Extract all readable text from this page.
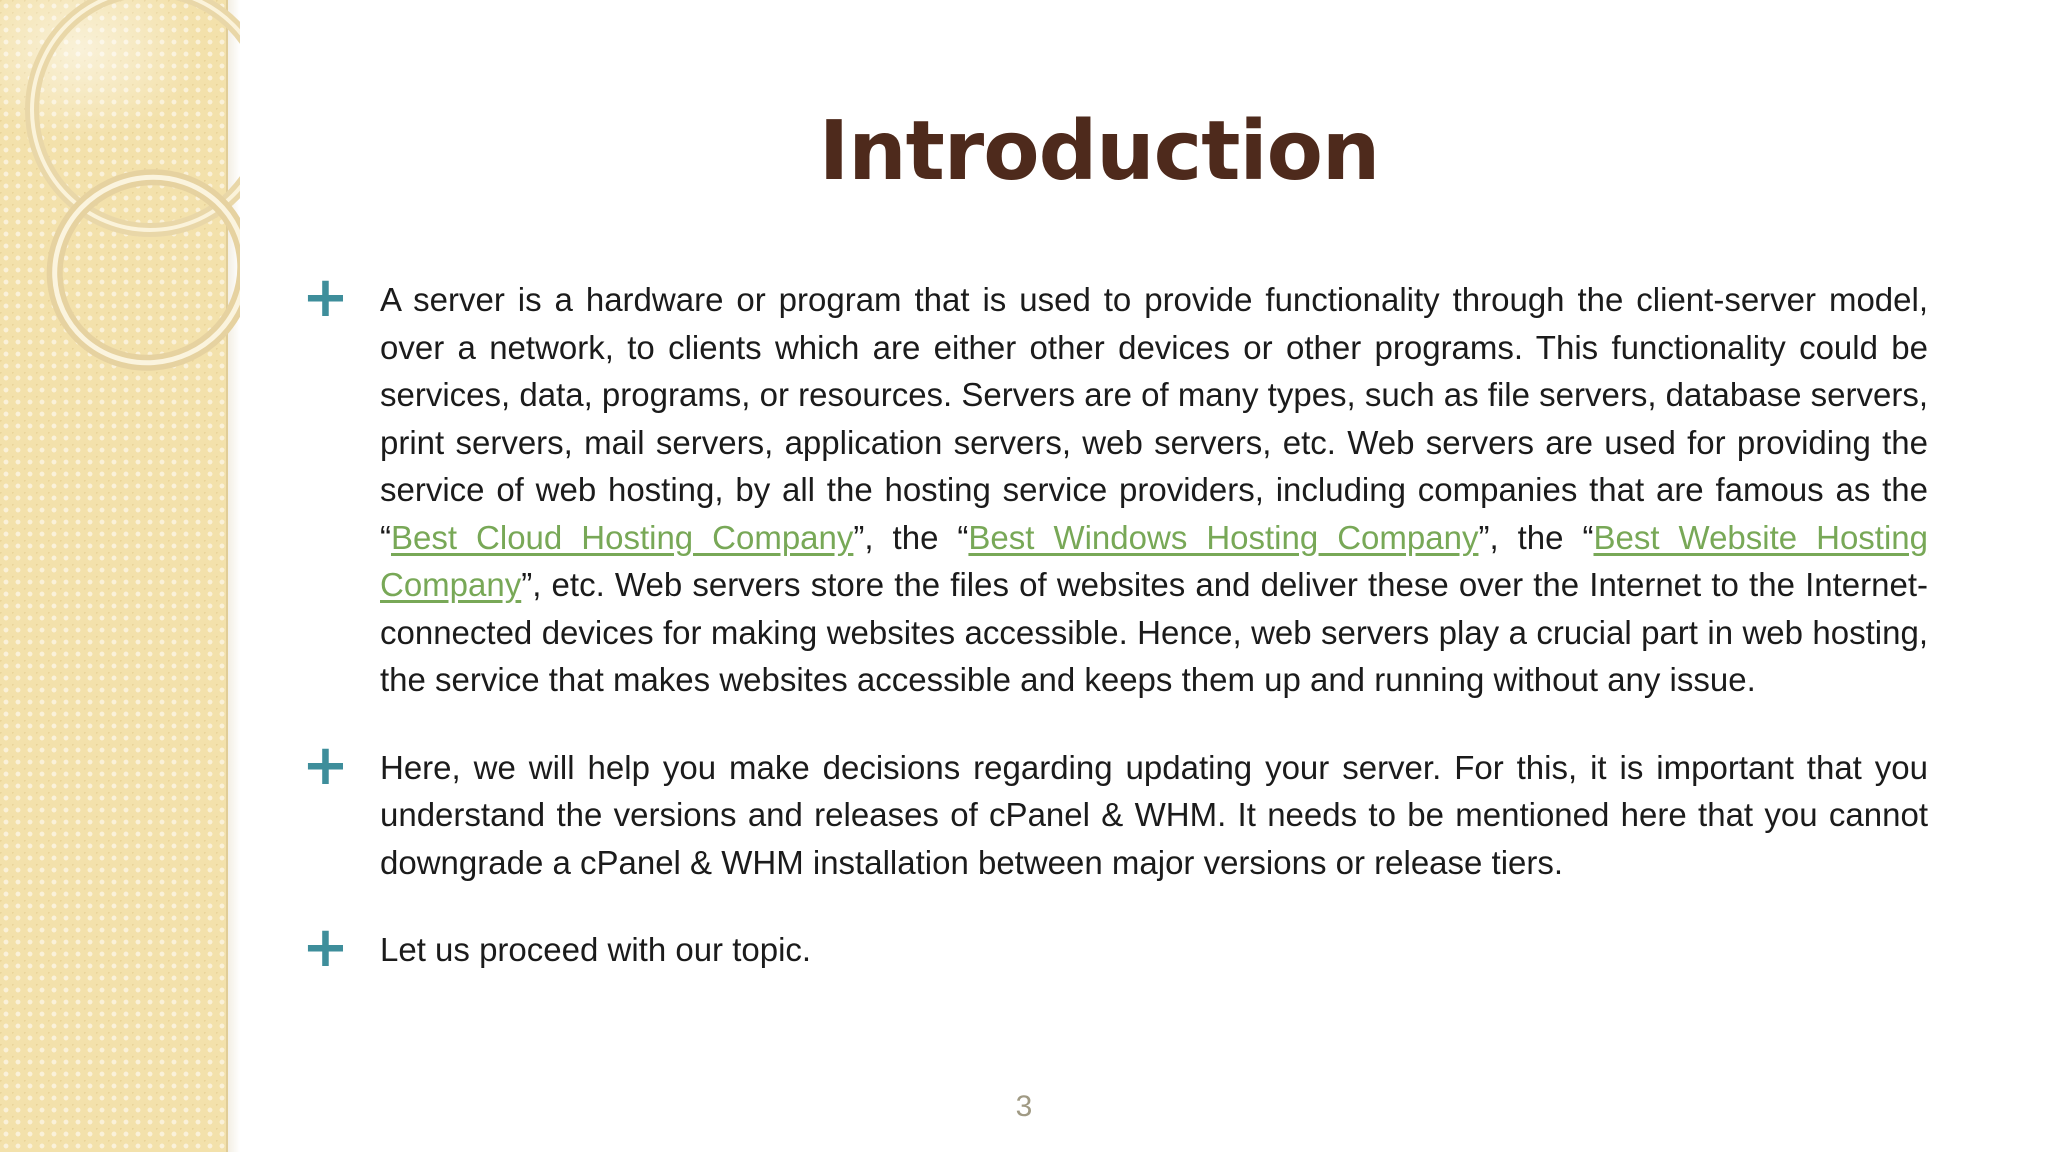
Introduction
+ A server is a hardware or program that is used to provide functionality through the client-server model, over a network, to clients which are either other devices or other programs. This functionality could be services, data, programs, or resources. Servers are of many types, such as file servers, database servers, print servers, mail servers, application servers, web servers, etc. Web servers are used for providing the service of web hosting, by all the hosting service providers, including companies that are famous as the “Best Cloud Hosting Company”, the “Best Windows Hosting Company”, the “Best Website Hosting Company”, etc. Web servers store the files of websites and deliver these over the Internet to the Internet-connected devices for making websites accessible. Hence, web servers play a crucial part in web hosting, the service that makes websites accessible and keeps them up and running without any issue.
+ Here, we will help you make decisions regarding updating your server. For this, it is important that you understand the versions and releases of cPanel & WHM. It needs to be mentioned here that you cannot downgrade a cPanel & WHM installation between major versions or release tiers.
+ Let us proceed with our topic.
3
